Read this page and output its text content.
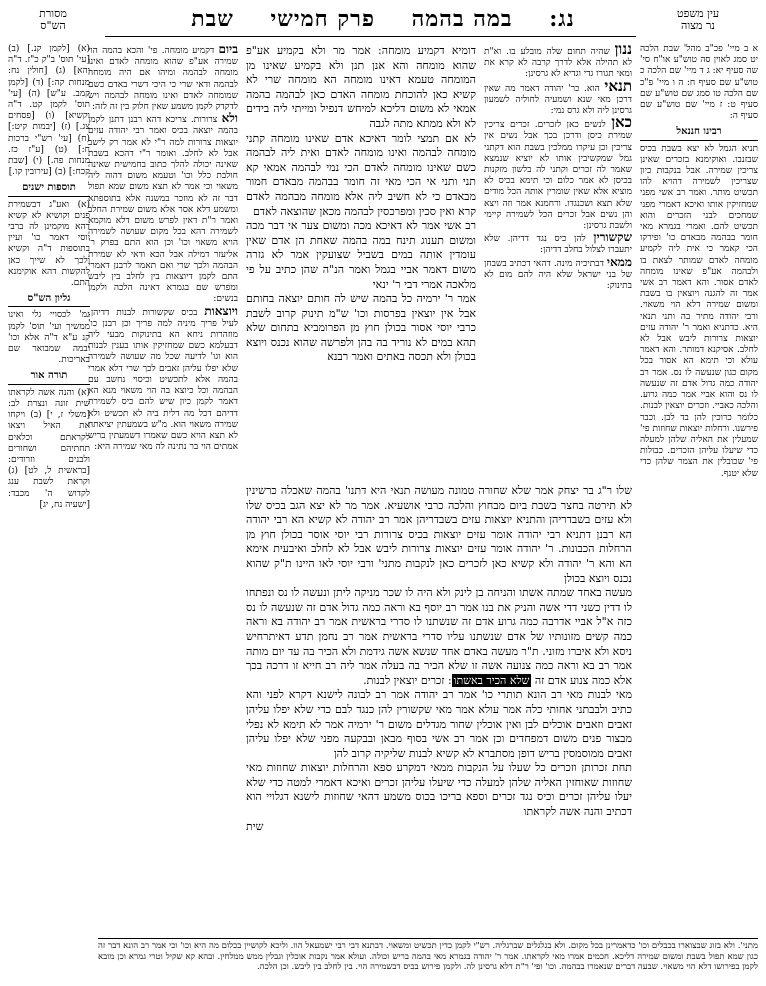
עין משפט
נר מצוה
נג: במה בהמה פרק חמישי שבת
מסורת
הש"ס

א ב מיי' פכ"ב מהל' שבת הלכה יט סמג לאוין סה טוש"ע או"ח סי' שה סעיף יא: ג ד מיי' שם הלכה כ טוש"ע שם סעיף ח: ה ו מיי' פ"כ שם הלכה טו סמג שם טוש"ע שם סעיף ט: ז מיי' שם טוש"ע שם סעיף ה:

רבינו חננאל

תניא הגמל לא יצא בשבת בכיס שבזנבו. ואוקימנא בזכרים שאינן צריכין שמירה. אבל בנקבות כיון שצריכין לשמירה דהויא להו תכשיט מותר. ואמר רב אשי מפני שמחזיקין אותו ואיכא דאמרי מפני שמחכים לבני הזכרים והוא תכשיט להם. ואמרי בגמרא מאי חומר בבהמה מבאדם כו' ופירקו הכי קאמר כי אית ליה לקמיע מומחה לאדם שמותר לצאת בו ולבהמה אע"פ שאינו מומחה לאדם אסור. והא דאמר רב אשי אמר זה להגנה ויוצאין בו בשבת ומשום שמירה דלא הוי משאוי. ורבי יהודה מתיר בה ותני תנאי היא. כדתניא ואמר ר' יהודה עזים יוצאות צרורות ליבש אבל לא לחלב. אסיקנא דמותר. והא דאמר עולא וכי תימא הא אסור בכל מקום כגון שנעשה לו נס. אמר רב יהודה כמה גדול אדם זה שנעשה לו נס והוא אביי אמר כמה גרוע. והלכה כאביי. וזכרים יוצאין לבנות. כלומר כרוכין להן בד לבן. וכבר פירשנו. ורחלות יוצאות שחוזות פי' שמעלין את האליה שלהן למעלה כדי שיעלו עליהן הזכרים. כבולות פי' שכובלין את הצמר שלהן כדי שלא יטנף.

ננון שהיה תחום שלה מובלע בו. וא"ת לא תהילה אלא לדרך קרבה לא קרא את ומאי תגורו גדי וגדיא לא גרסינן:

תנאי הוא. כר' יהודה דאמר מה שאין דרכן מאי שנא ושמעיה לחוליה לשמעון גרסינן ליה ולא גרס נמי:

כאן לנשים כאן לזכרים. זכרים צריכין שמירת כיסן ודרכן בכך אבל נשים אין צריכין וכן עיקרו ממלכין בשבת הוא דקתני גמל שמקשיבין אותו לא יוציא שנמצא שאמר לה זכרים וקתני לה בלשון מזקנות בכיסן לא אמר כלום וכי תימא בכיס לא מוציא אלא שאין שומרין אותה הכל מודים שלא תצא ושכנגדו. ורחמנא אמר וזה ויצא והן נשים אבל זכרים הכל לשמירה קיימי ולשבת גרסינן:

שקשורין להן כיס נגד דדיהן. שלא יתעברו לצלול בחלב דדיהן:

ממאי דבתיכיה מינה. דהאי דכתיב בשבחן של בני ישראל שלא היה להם מום לא בתינוק:

דומיא דקמיע מומחה: אמר מר ולא בקמיע אע"פ שהוא מומחה והא אנן תנן ולא בקמיע שאינו מן המומחה טעמא דאינו מומחה הא מומחה שרי לא קשיא כאן להוכחת מומחה האדם כאן לבהמה בהמה אמאי לא משום דליכא למיחש דנפיל ומייתי ליה בידים לא ולא ממתא מתה לגבה

לא אם תמצי לומר דאיכא אדם שאינו מומחה קתני מומחה לבהמה ואינו מומחה לאדם ואית ליה לבהמה כשם שאינו מומחה לאדם הכי נמי לבהמה אמאי קא תני ותני אי הכי מאי זה חומר בבהמה מבאדם חמור מבאדם כי לא חשיב ליה אלא מומחה מבהמה לאדם קרא ואין סכין ומפרכסין לבהמה מכאן שהוצאה לאדם

רב אשי אמר לא דאיכא מכה ומשום צער אי דבר מכה ומשום תענוג תינח במה בהמה שאחת הן אדם שאין עומדין אותה במים בשביל שצועקין אמר לא גזרה משום דאמר אביי בגמל ואמר הנ"ה שהן כתיב על פי מלאכה אמרי דבי ר' ינאי

אמר ר' ירמיה כל בהמה שיש לה חותם יוצאה בחותם אבל אין יוצאין בפרסות וכו' ש"מ תינוק קרוב לשבת כרבי יוסי אסור בכולן חוץ מן הפרומביא בתחום שלא תהא במים לא נוריד בה בהן ולפרשה שהוא נכנס ויוצא בכולן ולא תכסה באתים ואמר רבנא

שלו ר"ג בר יצחק אמר שלא שחורה טמונה מעושה תנאי היא דתנו' בהמה שאכלה כרשינין לא תירטה בחצר בשבת ביום מבחוץ והלכה כרבי אושעיא. אמר מר לא יצא הגב בכיס שלו ולא עזים בשבדריהן והתניא יוצאות עזים בשבדריהן אמר רב יהודה לא קשיא הא רבי יהודה הא רבנן דתניא רבי יהודה אומר עזים יוצאות בכיס צרורות רבי יוסי אוסר בכולן חוץ מן הרחלות הכבונות. ר' יהודה אומר עזים יוצאות צרורות ליבש אבל לא לחלב ואיבעית אימא הא והא ר' יהודה ולא קשיא כאן לזכרים כאן לנקבות מתני' ורבי יוסי לאו היינו ת"ק שהוא נכנס ויוצא בכולן

מעשה באחד שמתה אשתו והניחה בן לינק ולא היה לו שכר מניקה ליתן ונעשה לו נס ונפתחו לו דדין כשני דדי אשה והניק את בנו אמר רב יוסף בא וראה כמה גדול אדם זה שנעשה לו נס כזה א"ל אביי אדרבה כמה גרוע אדם זה שנשתנו לו סדרי בראשית אמר רב יהודה בא וראה כמה קשים מזונותיו של אדם שנשתנו עליו סדרי בראשית אמר רב נחמן תדע דאיתרחיש ניסא ולא איברו מזוני. ת"ר מעשה באדם אחד שנשא אשה גידמת ולא הכיר בה עד יום מותה אמר רב בא וראה כמה צנועה אשה זו שלא הכיר בה בעלה אמר ליה רב חייא זו דרכה בכך אלא כמה צנוע אדם זה שלא הכיר באשתו: זכרים יוצאין לבנות.

מאי לבנות מאי רב הונא תותרי כו' אמר רב יהודה אמר רב לבונה לישנא דקרא לפני והא כתיב ולבבתני אחותי כלה אמר עולא אמר מאי שקשורין להן כנגד לבם כדי שלא יפלו עליהן זאבים וזאבים אוכלים לבן ואין אוכלין שחור מגדלים משום ר' ירמיה אמר לא תימא לא נפלי מבצור פנים משום דמפחדים וכן אמר רב אשי בסוף מבאן ובבקעה מפני שלא יפלו עליהן זאבים ממוסמסין בריש דופן מסתברא לא קשיא לבנות שליקיה קרוב להן

תחת זכרותן וזכרים כל שעלו על הנקבות ממאי דמקרע ספא והרחלות יוצאות שחוזות מאי שחוזות שאוחזין האליה שלהן למעלה כדי שיעלו עליהן זכרים ואיכא דאמרי למטה כדי שלא יעלו עליהן זכרים וכיס נגד זכרים וספא בריכו בכוס משמע דהאי שחוזות לישנא דגלויי הוא דכתיב והנה אשה לקראתו

שית

ביום דקמיע מומחה. פי' והכא בהמה הוי שמירה אע"פ שהוא מומחה לאדם ואינו מומחה לבהמה ומיהו אם היה מומחה לבהמה ודאי שרי כי היכי דשרי באדם כשם שמומחה לאדם ואינו מומחה לבהמה ויש לדקדק לקמן משמע שאין חלוק בין זה לזה:

ולא צרורות. צריכא דהא רבנן דתנן לקמן בהמה יוצאה בכיס ואמר רבי יהודה עזים יוצאות צרורות למה ר"י לא אמר רק לישב אבל לא לחלב. ואומר ר"י דהכא בשבת שאינה יכולה להלך כתוב בחמישית שאינה חולבת כלל וכו' וטעמא משום דהוה ליה משאוי וכי אמר לא תצא משום שמא תפול דבר זה לא מוזכר במשנה אלא בתוספתא ומשמע דלא אסר אלא משום שמירת החלב ואמר ר"ת דאין לפרש משום דלא מוקמא לשמירה דהא בכל מקום שעושה לשמירה הויא משאוי וכו' וכן הוא התם בפרק ר' אליעזר דמילה אבל הכא ודאי לא שמירת הבהמה ולכך שרי ואם תאמר לרבנן דאמרי התם לקמן דיוצאות בין לחלב בין ליבש ומפרש שם בגמרא דאינה הלכה ולקמן בנשים:

ויוצאות בכיס שקשורות לבנות דדיהן. לעיל פריך מיניה למה פריך וכן רבנן כו' מוזהרות ניחא הא בתינוקות מבעי ליה דבעלמא כשם שמחזיקין אותו בענין לבנות הוא וגו' לדיעה שכל מה שעושה לשמירה שלא יפלו עליהן זאבים לכך שרי דלא אמרי בהמה אלא לתכשיט וכיסוי נחשב עם הבהמה וכל כיוצא בה הוי משאוי מנא הא דאמר לקמן כיון שיש להם כיס לשמירת דדיהם דכל מה דלית ביה לא תכשיט ולא שמירה משאוי הוא. מ"ש בשמעתין יציאתה לא תצא הויא כשם שאמרו דשמעתין בריש אמתים הוי בר נתינה לה מאי שמירה היא:

(א) [לקמן קנ.] (ב) [עי' תוס' ב"ק כ"ז. ד"ה והא] (ג) [חולין נח: מנחות קה:] (ד) [לקמן קמב. ע"ש] (ה) [עי' תוס' לקמן קט. ד"ה וקשיא] (ו) [פסחים צג.] (ז) [יבמות קיט:] (ח) [עי' רש"י ברכות ח:] (ט) [ע"ז כז. מנחות פה.] (י) [שבת קכח:] (כ) [עירובין קו.]

תוספות ישנים

(א) ואע"ג דבשמירת פנים וקושיא לא קשיא דהא מוקמינן לה ברבי יוסי דאמר כו' ועיין בתוספות ד"ה וקשיא ולכך לא שייך כאן להקשות דהא אוקימנא התם.

גליון הש"ס

גמ' לכסויי גלי ואינו ממשיך ועי' תוס' לקמן קנ ע"א ד"ה אלא וכו' ובמה שמבואר שם באריכות.

תורה אור

(א) והנה אשה לקראתו שית זונה ונצרת לב: [משלי ז, י] (ב) ויקחו את האיל ויצאו לקראתם וכלאים תחתיהם ושחורים ולבנים וזרודים: [בראשית ל, לט] (ג) וקראת לשבת ענג לקדוש ה' מכבד: [ישעיה נח, יג]

מתני'. ולא בזוג שבצוארו בכבלים וכו' כדאמרינן בכל מקום. ולא בגלגלים שברגליה. רש"י לקמן כדין תכשיט ומשאוי. דבתנא דבי רבי ישמעאל הוו. וליכא לקושיין בכלום מה היא וכו' וכי אמר רב הונא דבר זה כגון שמא תפול בשבת ומשום שמירה דליכא. חכמים אמרו מאי לקראתו. אמר ר' יהודה בגמרא מאי בהמה בריש וכולה. ועולא אמר נקבות אוכלין וגבלין ממש ממלחין. ובהא קא שקיל וטרי גמרא וכן מובא לקמן בפירושו דלא הוי משאוי. שבעה דברים שנאמרו בבהמה. וכו' ופי' ר"ת דלא גרסינן לה. ולקמן פירוש בכיס דבשמירה הוי. בין לחלב בין ליבש. וכן הלכה.
